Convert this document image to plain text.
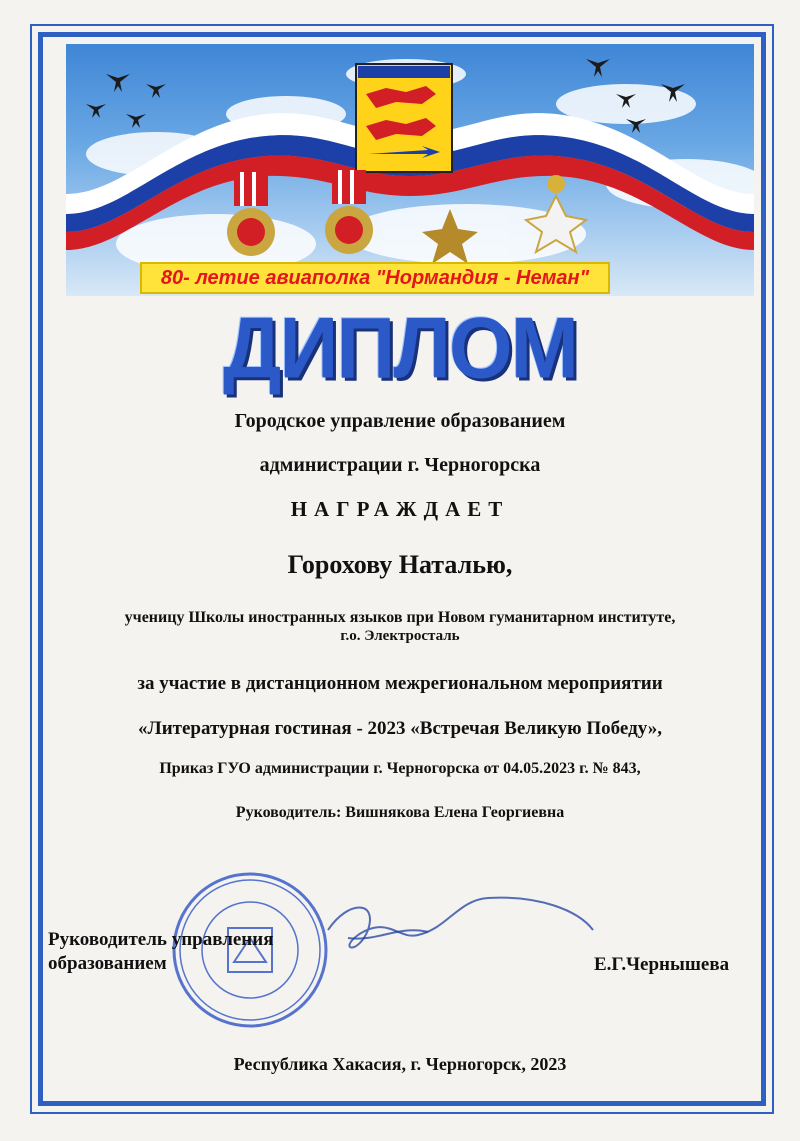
80- летие авиаполка "Нормандия - Неман"
ДИПЛОМ
Городское управление образованием
администрации г. Черногорска
НАГРАЖДАЕТ
Горохову Наталью,
ученицу Школы иностранных языков при Новом гуманитарном институте,
г.о. Электросталь
за участие в дистанционном межрегиональном мероприятии
«Литературная гостиная - 2023 «Встречая Великую Победу»,
Приказ ГУО администрации г. Черногорска от 04.05.2023 г. № 843,
Руководитель: Вишнякова Елена Георгиевна
Руководитель управления
образованием	Е.Г.Чернышева
Республика Хакасия, г. Черногорск, 2023
